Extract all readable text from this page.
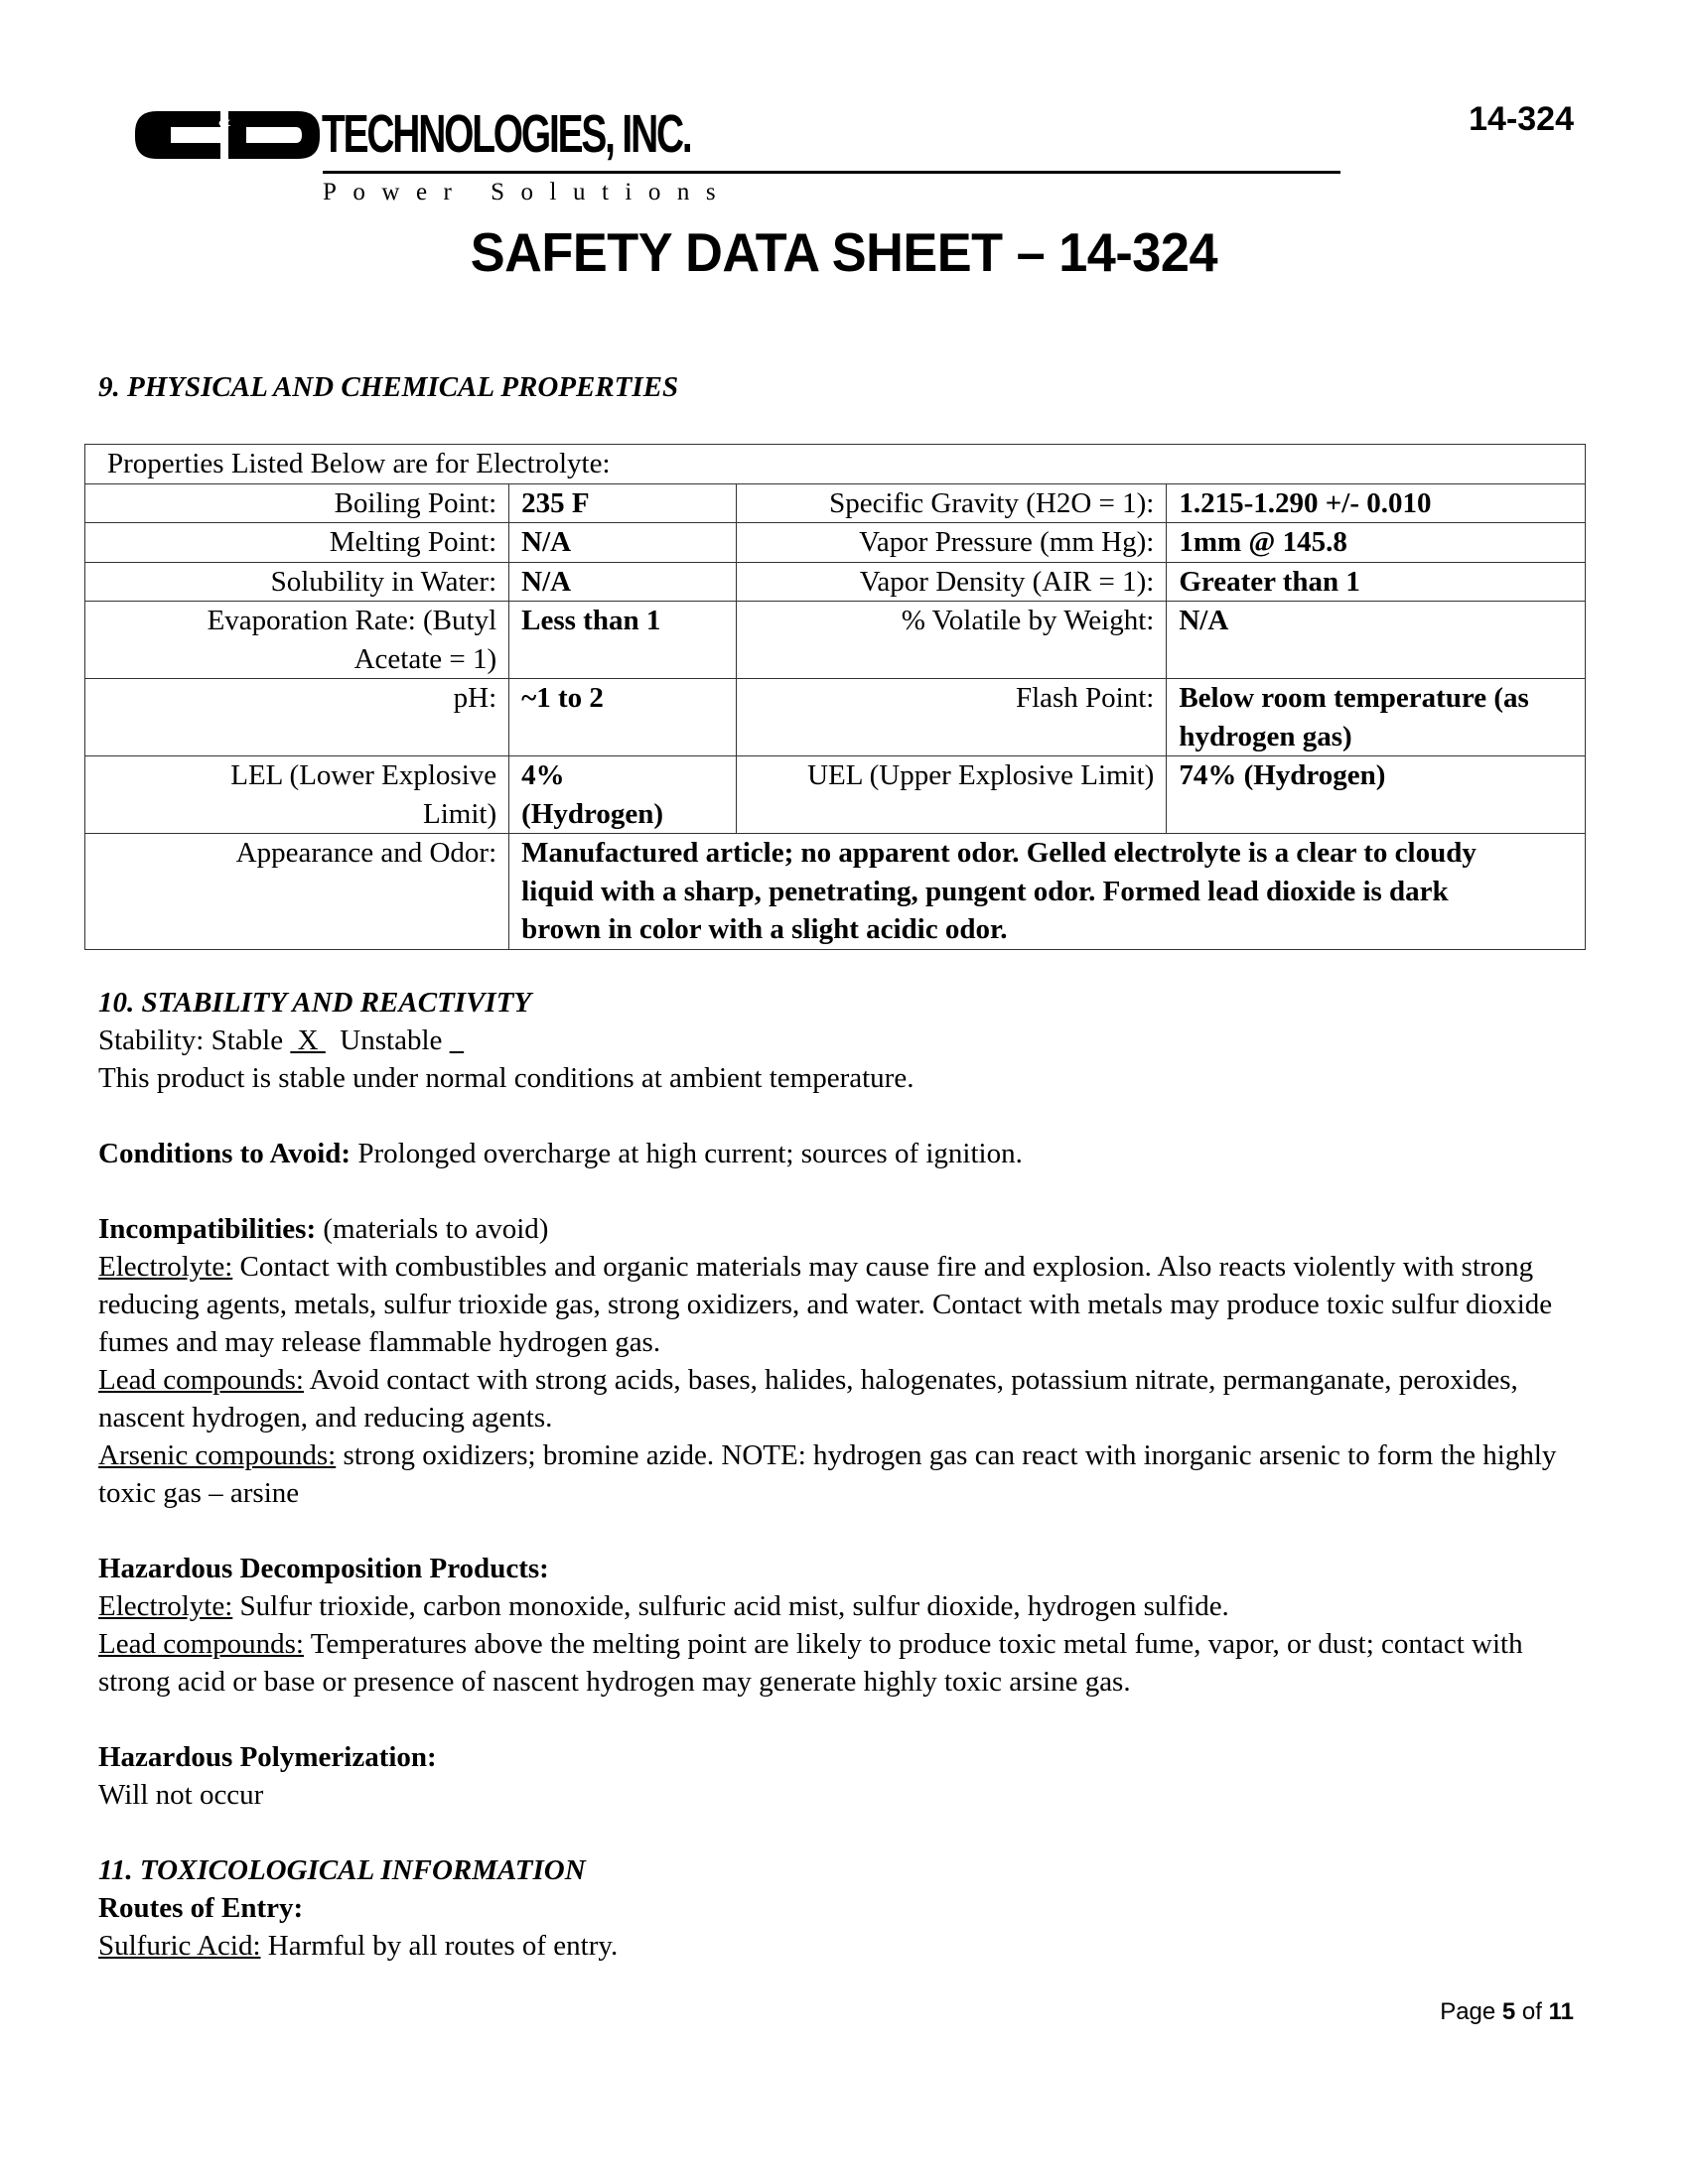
& TECHNOLOGIES, INC.
Power Solutions
14-324
SAFETY DATA SHEET – 14-324
9. PHYSICAL AND CHEMICAL PROPERTIES
Properties Listed Below are for Electrolyte:			
Boiling Point:	235 F	Specific Gravity (H2O = 1):	1.215-1.290 +/- 0.010
Melting Point:	N/A	Vapor Pressure (mm Hg):	1mm @ 145.8
Solubility in Water:	N/A	Vapor Density (AIR = 1):	Greater than 1
Evaporation Rate: (Butyl Acetate = 1)	Less than 1	% Volatile by Weight:	N/A
pH:	~1 to 2	Flash Point:	Below room temperature (as hydrogen gas)
LEL (Lower Explosive Limit)	4% (Hydrogen)	UEL (Upper Explosive Limit)	74% (Hydrogen)
Appearance and Odor:	Manufactured article; no apparent odor. Gelled electrolyte is a clear to cloudy liquid with a sharp, penetrating, pungent odor. Formed lead dioxide is dark brown in color with a slight acidic odor.		

10. STABILITY AND REACTIVITY

Stability: Stable  X   Unstable

This product is stable under normal conditions at ambient temperature.

Conditions to Avoid: Prolonged overcharge at high current; sources of ignition.

Incompatibilities: (materials to avoid)

Electrolyte: Contact with combustibles and organic materials may cause fire and explosion. Also reacts violently with strong reducing agents, metals, sulfur trioxide gas, strong oxidizers, and water. Contact with metals may produce toxic sulfur dioxide fumes and may release flammable hydrogen gas.

Lead compounds: Avoid contact with strong acids, bases, halides, halogenates, potassium nitrate, permanganate, peroxides, nascent hydrogen, and reducing agents.

Arsenic compounds: strong oxidizers; bromine azide. NOTE: hydrogen gas can react with inorganic arsenic to form the highly toxic gas – arsine

Hazardous Decomposition Products:

Electrolyte: Sulfur trioxide, carbon monoxide, sulfuric acid mist, sulfur dioxide, hydrogen sulfide.

Lead compounds: Temperatures above the melting point are likely to produce toxic metal fume, vapor, or dust; contact with strong acid or base or presence of nascent hydrogen may generate highly toxic arsine gas.

Hazardous Polymerization:

Will not occur

11. TOXICOLOGICAL INFORMATION

Routes of Entry:

Sulfuric Acid: Harmful by all routes of entry.

Page 5 of 11
